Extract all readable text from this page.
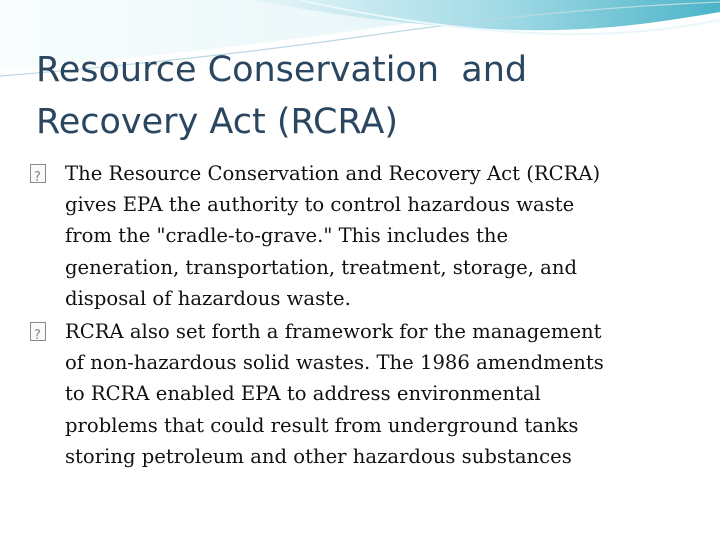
Resource Conservation  and
Recovery Act (RCRA)
?
The Resource Conservation and Recovery Act (RCRA)
gives EPA the authority to control hazardous waste
from the "cradle-to-grave." This includes the
generation, transportation, treatment, storage, and
disposal of hazardous waste.
?
RCRA also set forth a framework for the management
of non-hazardous solid wastes. The 1986 amendments
to RCRA enabled EPA to address environmental
problems that could result from underground tanks
storing petroleum and other hazardous substances
